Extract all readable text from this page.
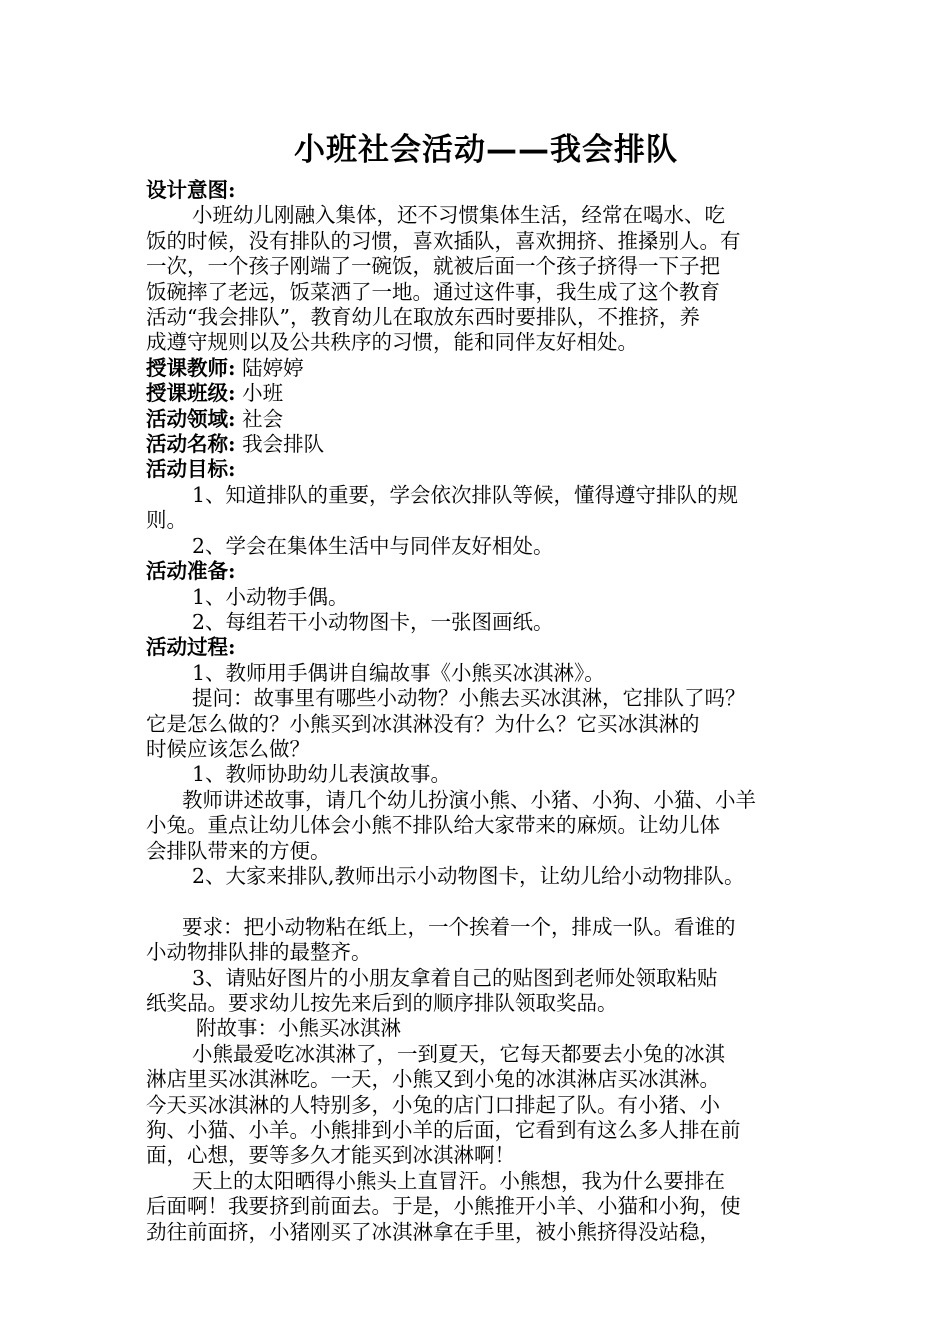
小班社会活动——我会排队

设计意图:

小班幼儿刚融入集体，还不习惯集体生活，经常在喝水、吃

饭的时候，没有排队的习惯，喜欢插队，喜欢拥挤、推搡别人。有

一次，一个孩子刚端了一碗饭，就被后面一个孩子挤得一下子把

饭碗摔了老远，饭菜洒了一地。通过这件事，我生成了这个教育

活动“我会排队”，教育幼儿在取放东西时要排队，不推挤，养

成遵守规则以及公共秩序的习惯，能和同伴友好相处。

授课教师: 陆婷婷

授课班级: 小班

活动领域: 社会

活动名称: 我会排队

活动目标:

1、知道排队的重要，学会依次排队等候，懂得遵守排队的规

则。

2、学会在集体生活中与同伴友好相处。

活动准备:

1、小动物手偶。

2、每组若干小动物图卡，一张图画纸。

活动过程:

1、教师用手偶讲自编故事《小熊买冰淇淋》。

提问：故事里有哪些小动物？小熊去买冰淇淋，它排队了吗？

它是怎么做的？小熊买到冰淇淋没有？为什么？它买冰淇淋的

时候应该怎么做？

1、教师协助幼儿表演故事。

教师讲述故事，请几个幼儿扮演小熊、小猪、小狗、小猫、小羊

小兔。重点让幼儿体会小熊不排队给大家带来的麻烦。让幼儿体

会排队带来的方便。

2、大家来排队,教师出示小动物图卡，让幼儿给小动物排队。

要求：把小动物粘在纸上，一个挨着一个，排成一队。看谁的

小动物排队排的最整齐。

3、请贴好图片的小朋友拿着自己的贴图到老师处领取粘贴

纸奖品。要求幼儿按先来后到的顺序排队领取奖品。

附故事：小熊买冰淇淋

小熊最爱吃冰淇淋了，一到夏天，它每天都要去小兔的冰淇

淋店里买冰淇淋吃。一天，小熊又到小兔的冰淇淋店买冰淇淋。

今天买冰淇淋的人特别多，小兔的店门口排起了队。有小猪、小

狗、小猫、小羊。小熊排到小羊的后面，它看到有这么多人排在前

面，心想，要等多久才能买到冰淇淋啊！

天上的太阳晒得小熊头上直冒汗。小熊想，我为什么要排在

后面啊！我要挤到前面去。于是，小熊推开小羊、小猫和小狗，使

劲往前面挤，小猪刚买了冰淇淋拿在手里，被小熊挤得没站稳，
